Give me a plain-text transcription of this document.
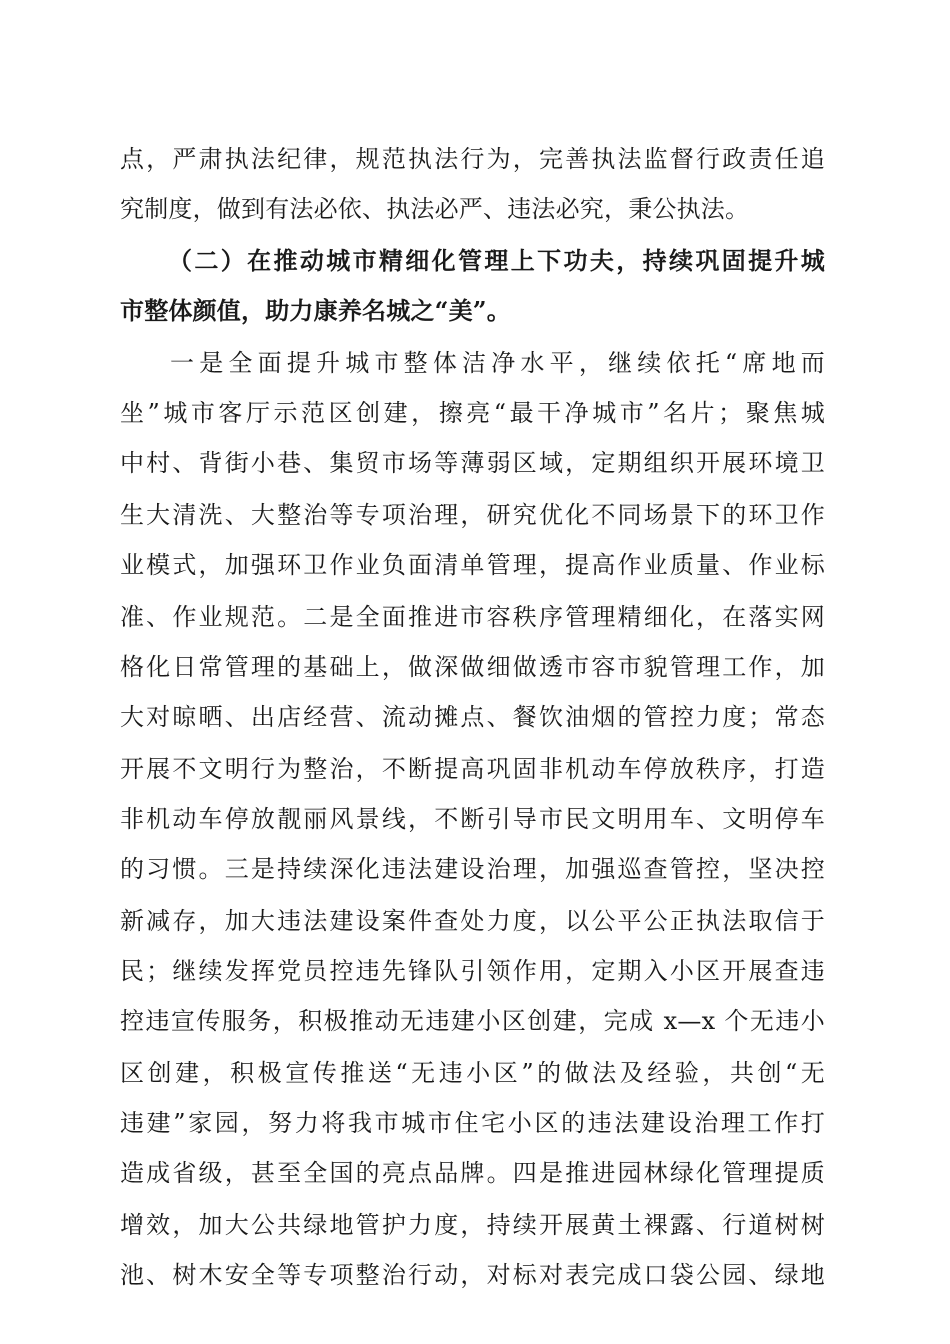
点，严肃执法纪律，规范执法行为，完善执法监督行政责任追
究制度，做到有法必依、执法必严、违法必究，秉公执法。
（二）在推动城市精细化管理上下功夫，持续巩固提升城
市整体颜值，助力康养名城之“美”。
一是全面提升城市整体洁净水平，继续依托“席地而
坐”城市客厅示范区创建，擦亮“最干净城市”名片；聚焦城
中村、背街小巷、集贸市场等薄弱区域，定期组织开展环境卫
生大清洗、大整治等专项治理，研究优化不同场景下的环卫作
业模式，加强环卫作业负面清单管理，提高作业质量、作业标
准、作业规范。二是全面推进市容秩序管理精细化，在落实网
格化日常管理的基础上，做深做细做透市容市貌管理工作，加
大对晾晒、出店经营、流动摊点、餐饮油烟的管控力度；常态
开展不文明行为整治，不断提高巩固非机动车停放秩序，打造
非机动车停放靓丽风景线，不断引导市民文明用车、文明停车
的习惯。三是持续深化违法建设治理，加强巡查管控，坚决控
新减存，加大违法建设案件查处力度，以公平公正执法取信于
民；继续发挥党员控违先锋队引领作用，定期入小区开展查违
控违宣传服务，积极推动无违建小区创建，完成 x—x 个无违小
区创建，积极宣传推送“无违小区”的做法及经验，共创“无
违建”家园，努力将我市城市住宅小区的违法建设治理工作打
造成省级，甚至全国的亮点品牌。四是推进园林绿化管理提质
增效，加大公共绿地管护力度，持续开展黄土裸露、行道树树
池、树木安全等专项整治行动，对标对表完成口袋公园、绿地
